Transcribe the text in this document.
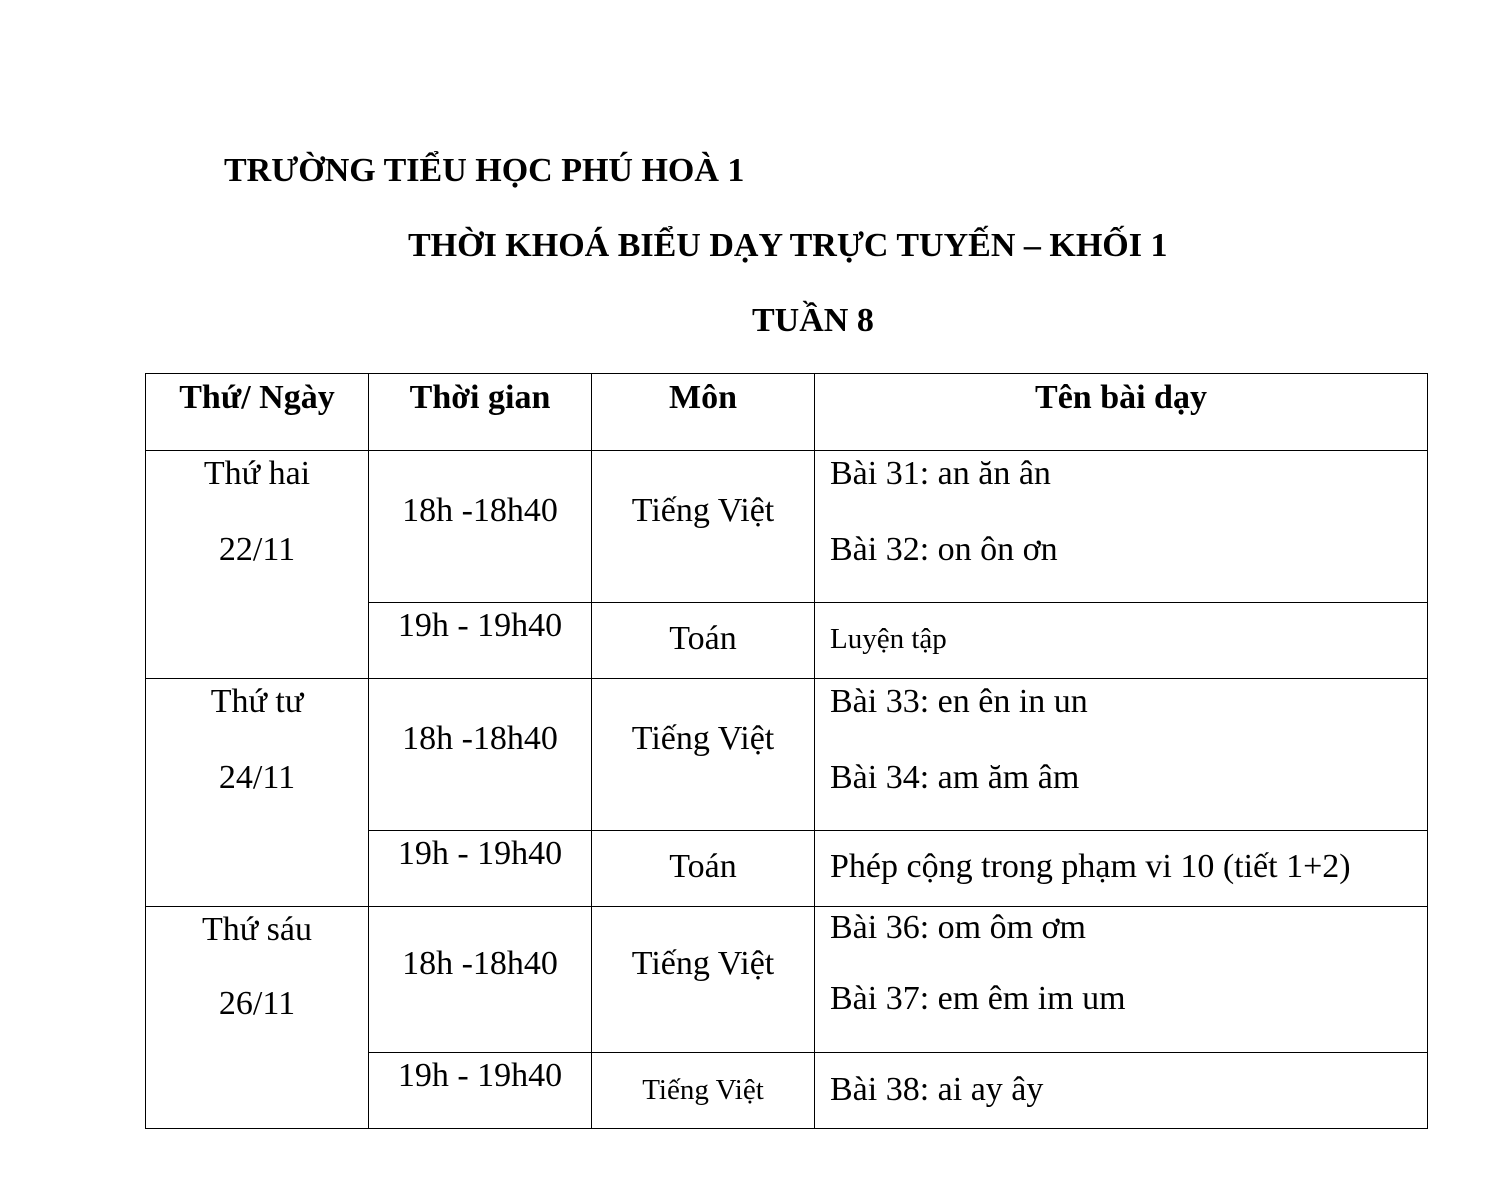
TRƯỜNG TIỂU HỌC PHÚ HOÀ 1
THỜI KHOÁ BIỂU DẠY TRỰC TUYẾN – KHỐI 1
TUẦN 8
Thứ/ Ngày	Thời gian	Môn	Tên bài dạy

Thứ hai
22/11	18h -18h40	Tiếng Việt	Bài 31: an ăn ân
Bài 32: on ôn ơn

	19h - 19h40	Toán	Luyện tập

Thứ tư
24/11	18h -18h40	Tiếng Việt	Bài 33: en ên in un
Bài 34: am ăm âm

	19h - 19h40	Toán	Phép cộng trong phạm vi 10 (tiết 1+2)

Thứ sáu
26/11	18h -18h40	Tiếng Việt	Bài 36: om ôm ơm
Bài 37: em êm im um

	19h - 19h40	Tiếng Việt	Bài 38: ai ay ây
